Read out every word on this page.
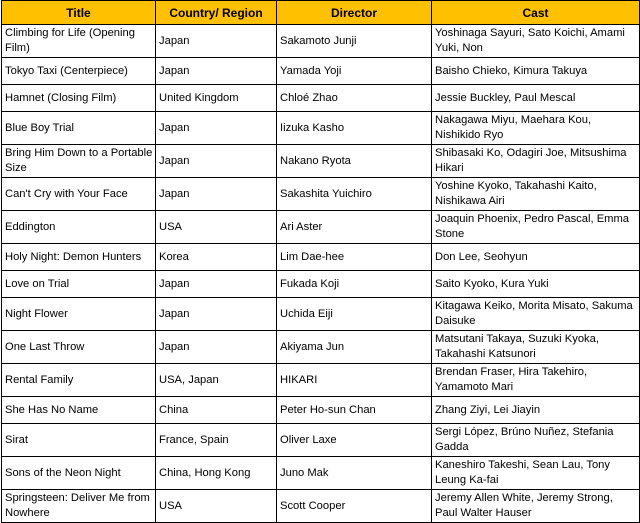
Title	Country/ Region	Director	Cast
Climbing for Life (Opening Film)	Japan	Sakamoto Junji	Yoshinaga Sayuri, Sato Koichi, Amami Yuki, Non
Tokyo Taxi (Centerpiece)	Japan	Yamada Yoji	Baisho Chieko, Kimura Takuya
Hamnet (Closing Film)	United Kingdom	Chloé Zhao	Jessie Buckley, Paul Mescal
Blue Boy Trial	Japan	Iizuka Kasho	Nakagawa Miyu, Maehara Kou, Nishikido Ryo
Bring Him Down to a Portable Size	Japan	Nakano Ryota	Shibasaki Ko, Odagiri Joe, Mitsushima Hikari
Can't Cry with Your Face	Japan	Sakashita Yuichiro	Yoshine Kyoko, Takahashi Kaito, Nishikawa Airi
Eddington	USA	Ari Aster	Joaquin Phoenix, Pedro Pascal, Emma Stone
Holy Night: Demon Hunters	Korea	Lim Dae-hee	Don Lee, Seohyun
Love on Trial	Japan	Fukada Koji	Saito Kyoko, Kura Yuki
Night Flower	Japan	Uchida Eiji	Kitagawa Keiko, Morita Misato, Sakuma Daisuke
One Last Throw	Japan	Akiyama Jun	Matsutani Takaya, Suzuki Kyoka, Takahashi Katsunori
Rental Family	USA, Japan	HIKARI	Brendan Fraser, Hira Takehiro, Yamamoto Mari
She Has No Name	China	Peter Ho-sun Chan	Zhang Ziyi, Lei Jiayin
Sirat	France, Spain	Oliver Laxe	Sergi López, Brúno Nuñez, Stefania Gadda
Sons of the Neon Night	China, Hong Kong	Juno Mak	Kaneshiro Takeshi, Sean Lau, Tony Leung Ka-fai
Springsteen: Deliver Me from Nowhere	USA	Scott Cooper	Jeremy Allen White, Jeremy Strong, Paul Walter Hauser
